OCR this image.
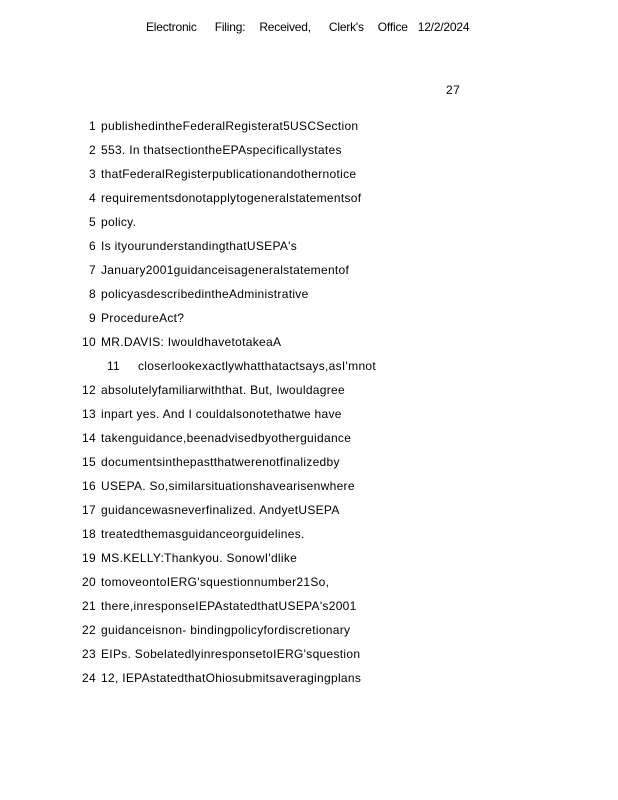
Electronic Filing: Received, Clerk's Office 12/2/2024
27
1 publishedintheFederalRegisterat5USCSection
2 553. In thatsectiontheEPAspecificallystates
3 thatFederalRegisterpublicationandothernotice
4 requirementsdonotapplytogeneralstatementsof
5 policy.
6 Is ityourunderstandingthatUSEPA's
7 January2001guidanceisageneralstatementof
8 policyasdescribedintheAdministrative
9 ProcedureAct?
10 MR.DAVIS: IwouldhavetotakeaA
11 closerlookexactlywhatthatactsays,asI'mnot
12 absolutelyfamiliarwiththat. But, Iwouldagree
13 inpart yes. And I couldalsonotethatwe have
14 takenguidance,beenadvisedbyotherguidance
15 documentsinthepastthatwerenotfinalizedby
16 USEPA. So,similarsituationshavearisenwhere
17 guidancewasneverfinalized. AndyetUSEPA
18 treatedthemasguidanceorguidelines.
19 MS.KELLY:Thankyou. SonowI'dlike
20 tomoveontoIERG'squestionnumber21So,
21 there,inresponseIEPAstatedthatUSEPA's2001
22 guidanceisnon- bindingpolicyfordiscretionary
23 EIPs. SobelatedlyinresponsetoIERG'squestion
24 12, IEPAstatedthatOhiosubmitsaveragingplans
